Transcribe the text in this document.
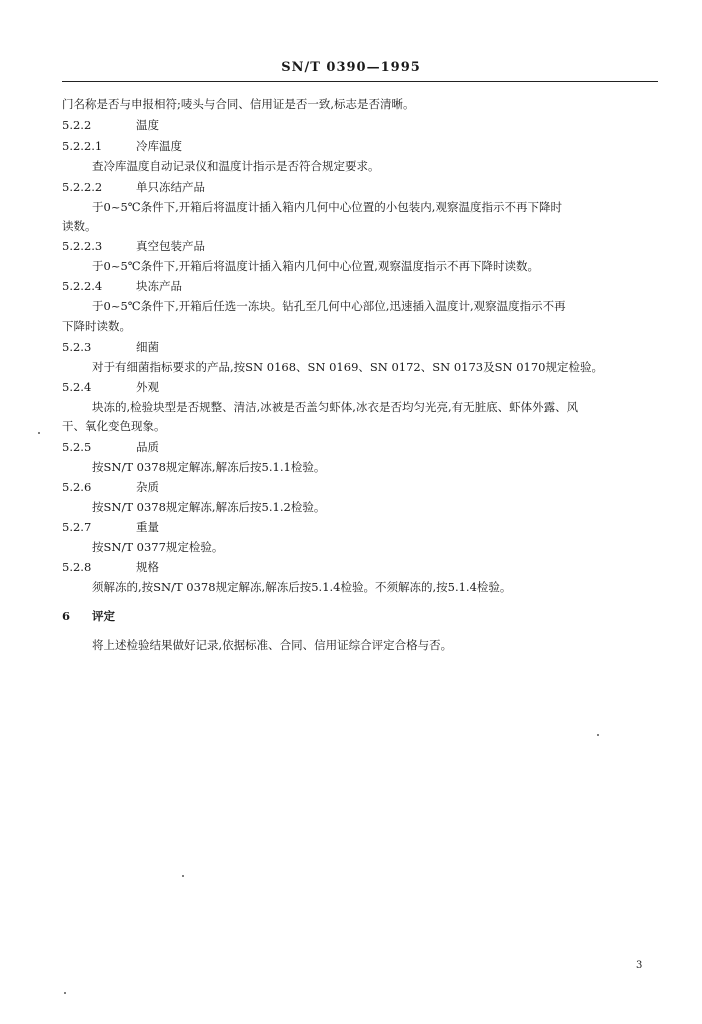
SN/T 0390—1995
门名称是否与申报相符;唛头与合同、信用证是否一致,标志是否清晰。
5.2.2	温度
5.2.2.1	冷库温度
查冷库温度自动记录仪和温度计指示是否符合规定要求。
5.2.2.2	单只冻结产品
于0~5℃条件下,开箱后将温度计插入箱内几何中心位置的小包装内,观察温度指示不再下降时
读数。
5.2.2.3	真空包装产品
于0~5℃条件下,开箱后将温度计插入箱内几何中心位置,观察温度指示不再下降时读数。
5.2.2.4	块冻产品
于0~5℃条件下,开箱后任选一冻块。钻孔至几何中心部位,迅速插入温度计,观察温度指示不再
下降时读数。
5.2.3	细菌
对于有细菌指标要求的产品,按SN 0168、SN 0169、SN 0172、SN 0173及SN 0170规定检验。
5.2.4	外观
块冻的,检验块型是否规整、清洁,冰被是否盖匀虾体,冰衣是否均匀光亮,有无脏底、虾体外露、风
干、氧化变色现象。
5.2.5	品质
按SN/T 0378规定解冻,解冻后按5.1.1检验。
5.2.6	杂质
按SN/T 0378规定解冻,解冻后按5.1.2检验。
5.2.7	重量
按SN/T 0377规定检验。
5.2.8	规格
须解冻的,按SN/T 0378规定解冻,解冻后按5.1.4检验。不须解冻的,按5.1.4检验。
6 评定
将上述检验结果做好记录,依据标准、合同、信用证综合评定合格与否。
3
